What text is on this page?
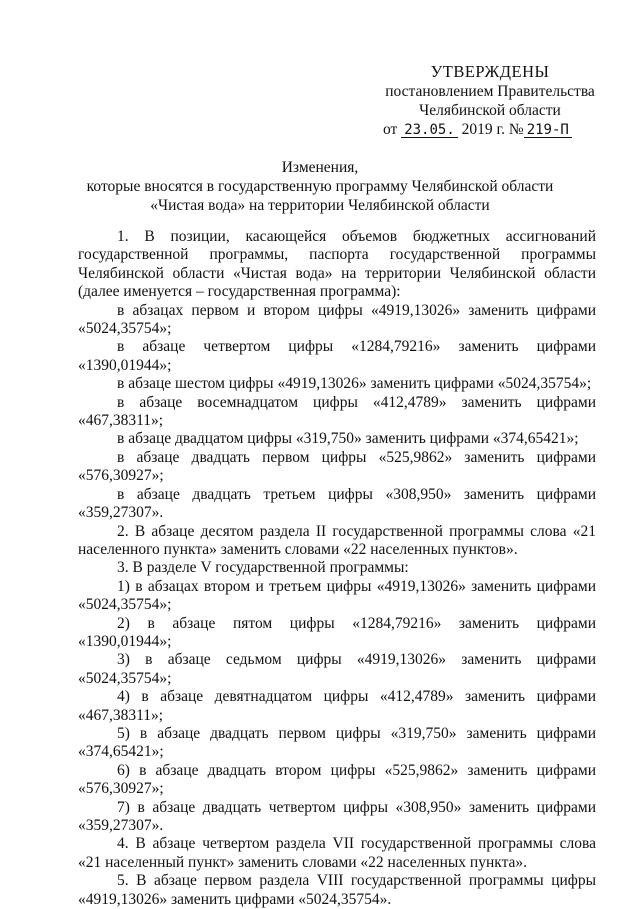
УТВЕРЖДЕНЫ
постановлением Правительства
Челябинской области
от 23.05. 2019 г. № 219-П
Изменения,
которые вносятся в государственную программу Челябинской области
«Чистая вода» на территории Челябинской области

1. В позиции, касающейся объемов бюджетных ассигнований государственной программы, паспорта государственной программы Челябинской области «Чистая вода» на территории Челябинской области (далее именуется – государственная программа):

в абзацах первом и втором цифры «4919,13026» заменить цифрами «5024,35754»;

в абзаце четвертом цифры «1284,79216» заменить цифрами «1390,01944»;

в абзаце шестом цифры «4919,13026» заменить цифрами «5024,35754»;

в абзаце восемнадцатом цифры «412,4789» заменить цифрами «467,38311»;

в абзаце двадцатом цифры «319,750» заменить цифрами «374,65421»;

в абзаце двадцать первом цифры «525,9862» заменить цифрами «576,30927»;

в абзаце двадцать третьем цифры «308,950» заменить цифрами «359,27307».

2. В абзаце десятом раздела II государственной программы слова «21 населенного пункта» заменить словами «22 населенных пунктов».

3. В разделе V государственной программы:

1) в абзацах втором и третьем цифры «4919,13026» заменить цифрами «5024,35754»;

2) в абзаце пятом цифры «1284,79216» заменить цифрами «1390,01944»;

3) в абзаце седьмом цифры «4919,13026» заменить цифрами «5024,35754»;

4) в абзаце девятнадцатом цифры «412,4789» заменить цифрами «467,38311»;

5) в абзаце двадцать первом цифры «319,750» заменить цифрами «374,65421»;

6) в абзаце двадцать втором цифры «525,9862» заменить цифрами «576,30927»;

7) в абзаце двадцать четвертом цифры «308,950» заменить цифрами «359,27307».

4. В абзаце четвертом раздела VII государственной программы слова «21 населенный пункт» заменить словами «22 населенных пункта».

5. В абзаце первом раздела VIII государственной программы цифры «4919,13026» заменить цифрами «5024,35754».
